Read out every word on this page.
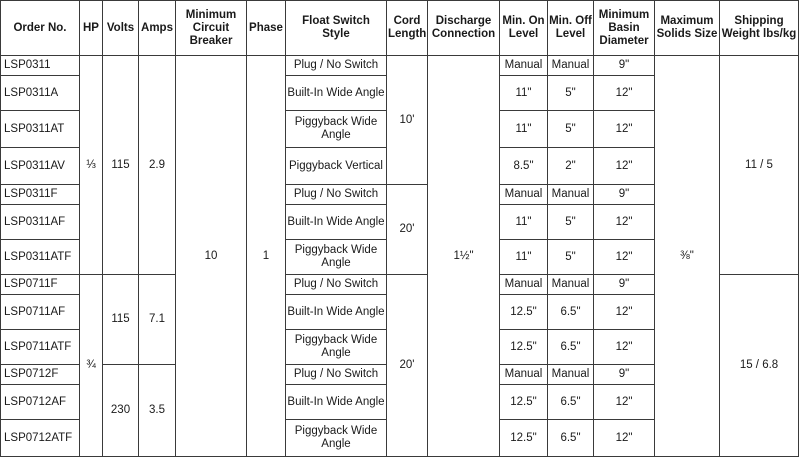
Order No.	HP	Volts	Amps	Minimum Circuit Breaker	Phase	Float Switch Style	Cord Length	Discharge Connection	Min. On Level	Min. Off Level	Minimum Basin Diameter	Maximum Solids Size	Shipping Weight lbs/kg
LSP0311	⅓	115	2.9	10	1	Plug / No Switch	10'	1½"	Manual	Manual	9"	⅜"	11 / 5
LSP0311A						Built-In Wide Angle			11"	5"	12"		
LSP0311AT						Piggyback Wide Angle			11"	5"	12"		
LSP0311AV						Piggyback Vertical			8.5"	2"	12"		
LSP0311F						Plug / No Switch	20'		Manual	Manual	9"		
LSP0311AF						Built-In Wide Angle			11"	5"	12"		
LSP0311ATF						Piggyback Wide Angle			11"	5"	12"		
LSP0711F	¾	115	7.1			Plug / No Switch	20'		Manual	Manual	9"		15 / 6.8
LSP0711AF						Built-In Wide Angle			12.5"	6.5"	12"		
LSP0711ATF						Piggyback Wide Angle			12.5"	6.5"	12"		
LSP0712F		230	3.5			Plug / No Switch			Manual	Manual	9"		
LSP0712AF						Built-In Wide Angle			12.5"	6.5"	12"		
LSP0712ATF						Piggyback Wide Angle			12.5"	6.5"	12"		
